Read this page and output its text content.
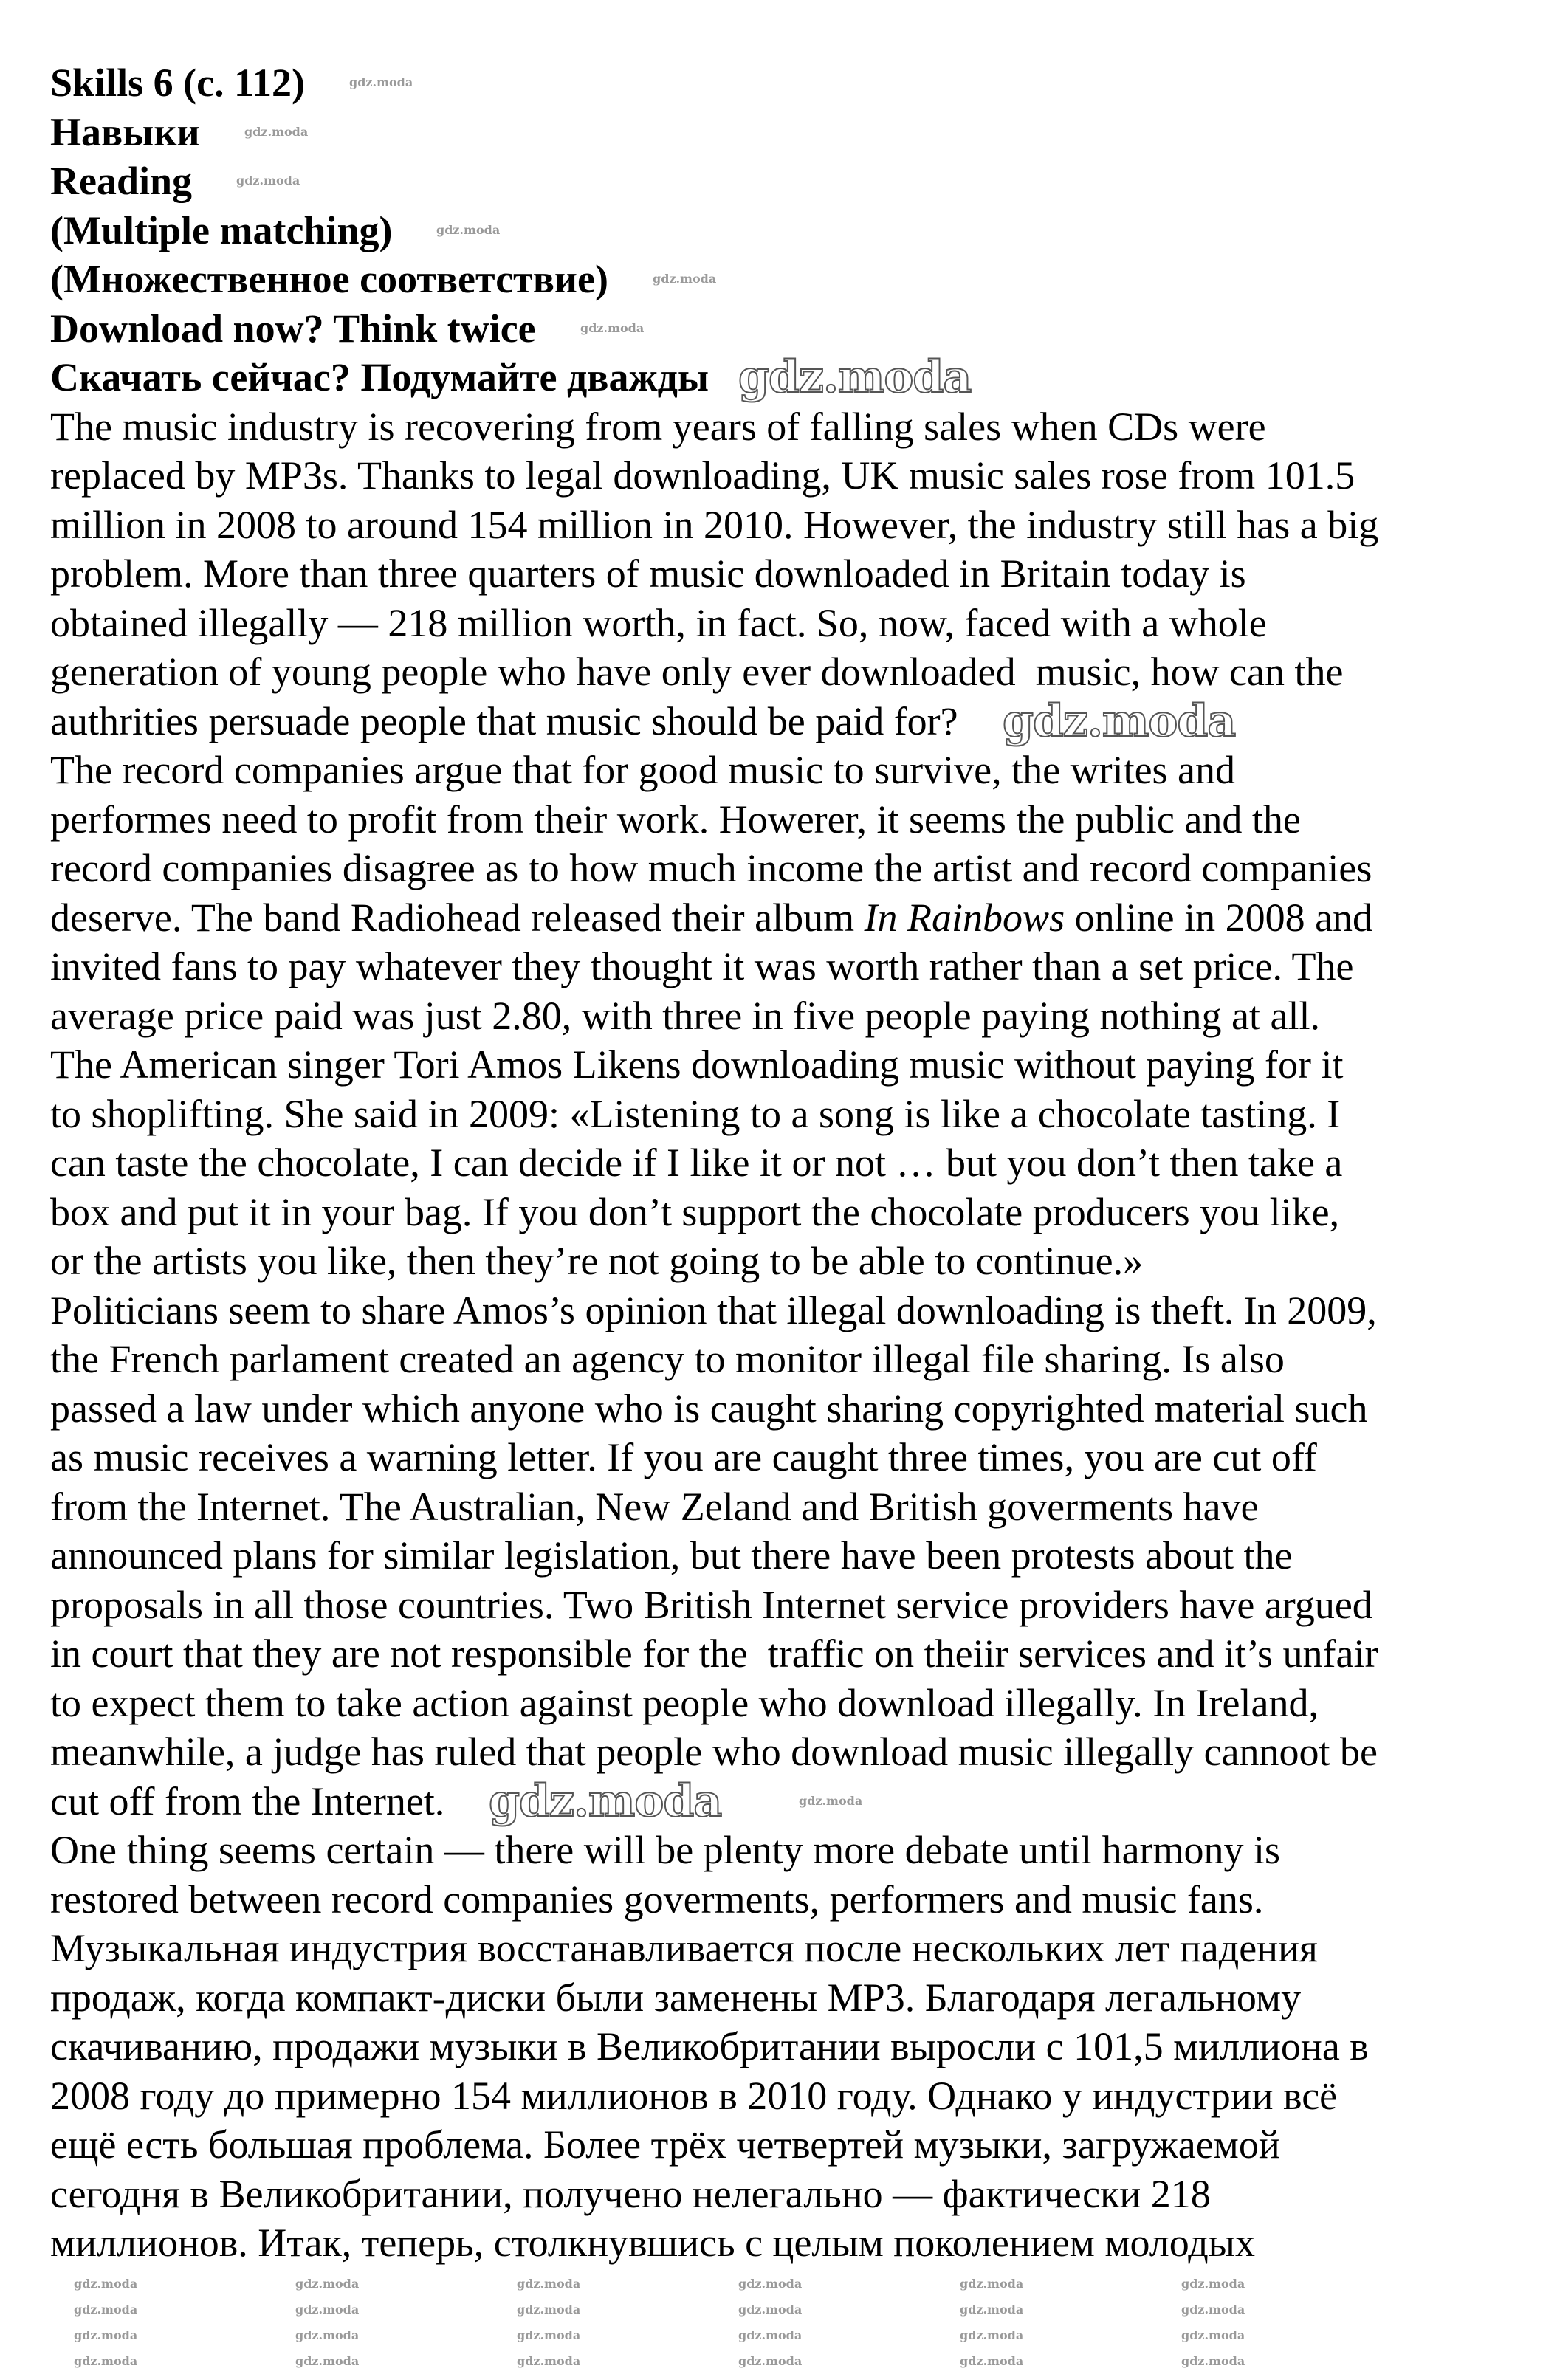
Skills 6 (c. 112)
Навыки
Reading
(Multiple matching)
(Множественное соответствие)
Download now? Think twice
Скачать сейчас? Подумайте дважды
The music industry is recovering from years of falling sales when CDs were
replaced by MP3s. Thanks to legal downloading, UK music sales rose from 101.5
million in 2008 to around 154 million in 2010. However, the industry still has a big
problem. More than three quarters of music downloaded in Britain today is
obtained illegally — 218 million worth, in fact. So, now, faced with a whole
generation of young people who have only ever downloaded  music, how can the
authrities persuade people that music should be paid for?
The record companies argue that for good music to survive, the writes and
performes need to profit from their work. Howerer, it seems the public and the
record companies disagree as to how much income the artist and record companies
deserve. The band Radiohead released their album In Rainbows online in 2008 and
invited fans to pay whatever they thought it was worth rather than a set price. The
average price paid was just 2.80, with three in five people paying nothing at all.
The American singer Tori Amos Likens downloading music without paying for it
to shoplifting. She said in 2009: «Listening to a song is like a chocolate tasting. I
can taste the chocolate, I can decide if I like it or not … but you don’t then take a
box and put it in your bag. If you don’t support the chocolate producers you like,
or the artists you like, then they’re not going to be able to continue.»
Politicians seem to share Amos’s opinion that illegal downloading is theft. In 2009,
the French parlament created an agency to monitor illegal file sharing. Is also
passed a law under which anyone who is caught sharing copyrighted material such
as music receives a warning letter. If you are caught three times, you are cut off
from the Internet. The Australian, New Zeland and British goverments have
announced plans for similar legislation, but there have been protests about the
proposals in all those countries. Two British Internet service providers have argued
in court that they are not responsible for the  traffic on theiir services and it’s unfair
to expect them to take action against people who download illegally. In Ireland,
meanwhile, a judge has ruled that people who download music illegally cannoot be
cut off from the Internet.
One thing seems certain — there will be plenty more debate until harmony is
restored between record companies goverments, performers and music fans.
Музыкальная индустрия восстанавливается после нескольких лет падения
продаж, когда компакт-диски были заменены MP3. Благодаря легальному
скачиванию, продажи музыки в Великобритании выросли с 101,5 миллиона в
2008 году до примерно 154 миллионов в 2010 году. Однако у индустрии всё
ещё есть большая проблема. Более трёх четвертей музыки, загружаемой
сегодня в Великобритании, получено нелегально — фактически 218
миллионов. Итак, теперь, столкнувшись с целым поколением молодых
gdz.moda
gdz.moda
gdz.moda
gdz.moda
gdz.moda
gdz.moda
gdz.moda
gdz.moda
gdz.moda
gdz.moda
gdz.moda	gdz.moda	gdz.moda	gdz.moda	gdz.moda	gdz.moda
gdz.moda	gdz.moda	gdz.moda	gdz.moda	gdz.moda	gdz.moda
gdz.moda	gdz.moda	gdz.moda	gdz.moda	gdz.moda	gdz.moda
gdz.moda	gdz.moda	gdz.moda	gdz.moda	gdz.moda	gdz.moda
